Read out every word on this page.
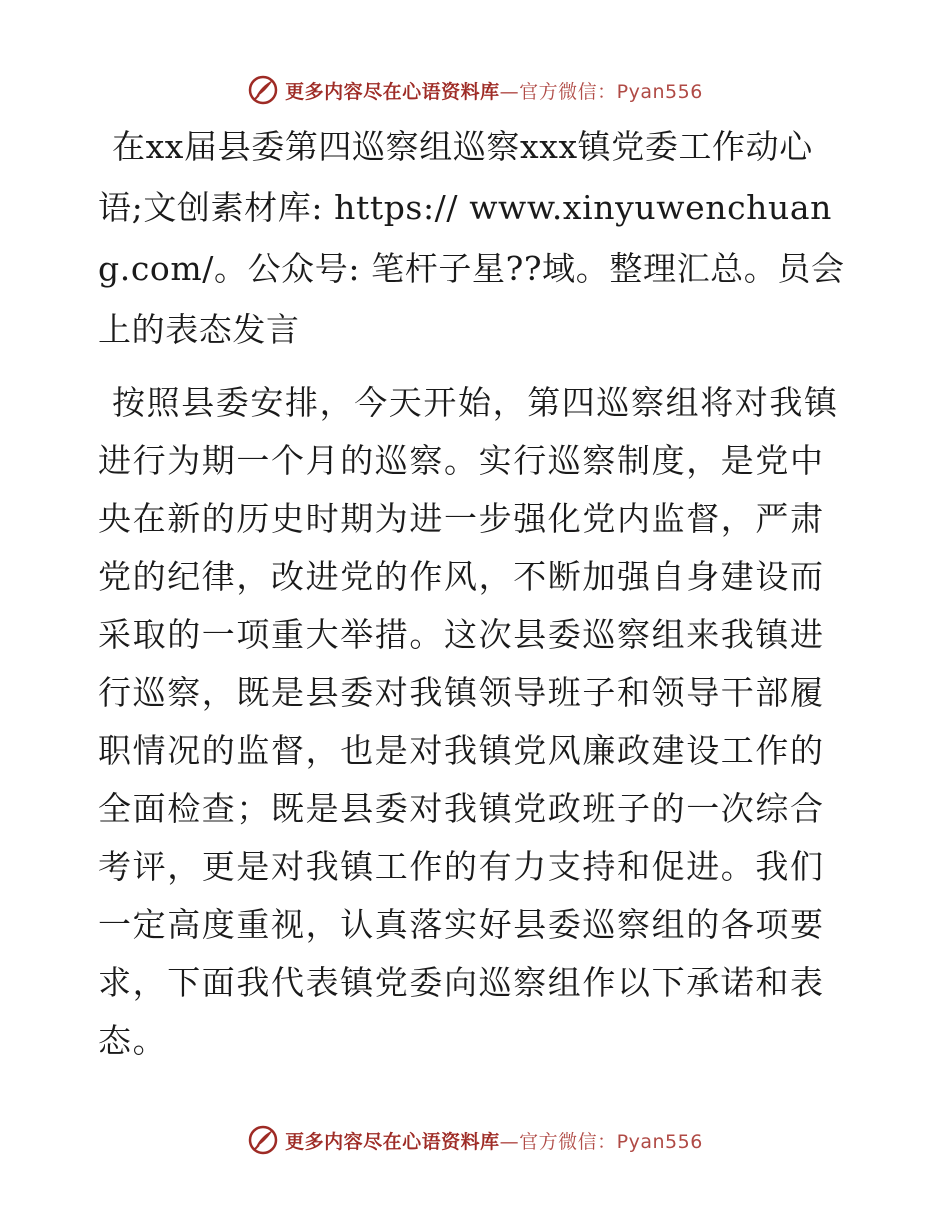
更多内容尽在心语资料库—官方微信：Pyan556

在xx届县委第四巡察组巡察xxx镇党委工作动心语;文创素材库: https:// www.xinyuwenchuang.com/。公众号: 笔杆子星??域。整理汇总。员会上的表态发言

按照县委安排，今天开始，第四巡察组将对我镇进行为期一个月的巡察。实行巡察制度，是党中央在新的历史时期为进一步强化党内监督，严肃党的纪律，改进党的作风，不断加强自身建设而采取的一项重大举措。这次县委巡察组来我镇进行巡察，既是县委对我镇领导班子和领导干部履职情况的监督，也是对我镇党风廉政建设工作的全面检查；既是县委对我镇党政班子的一次综合考评，更是对我镇工作的有力支持和促进。我们一定高度重视，认真落实好县委巡察组的各项要求，下面我代表镇党委向巡察组作以下承诺和表态。

更多内容尽在心语资料库—官方微信：Pyan556
